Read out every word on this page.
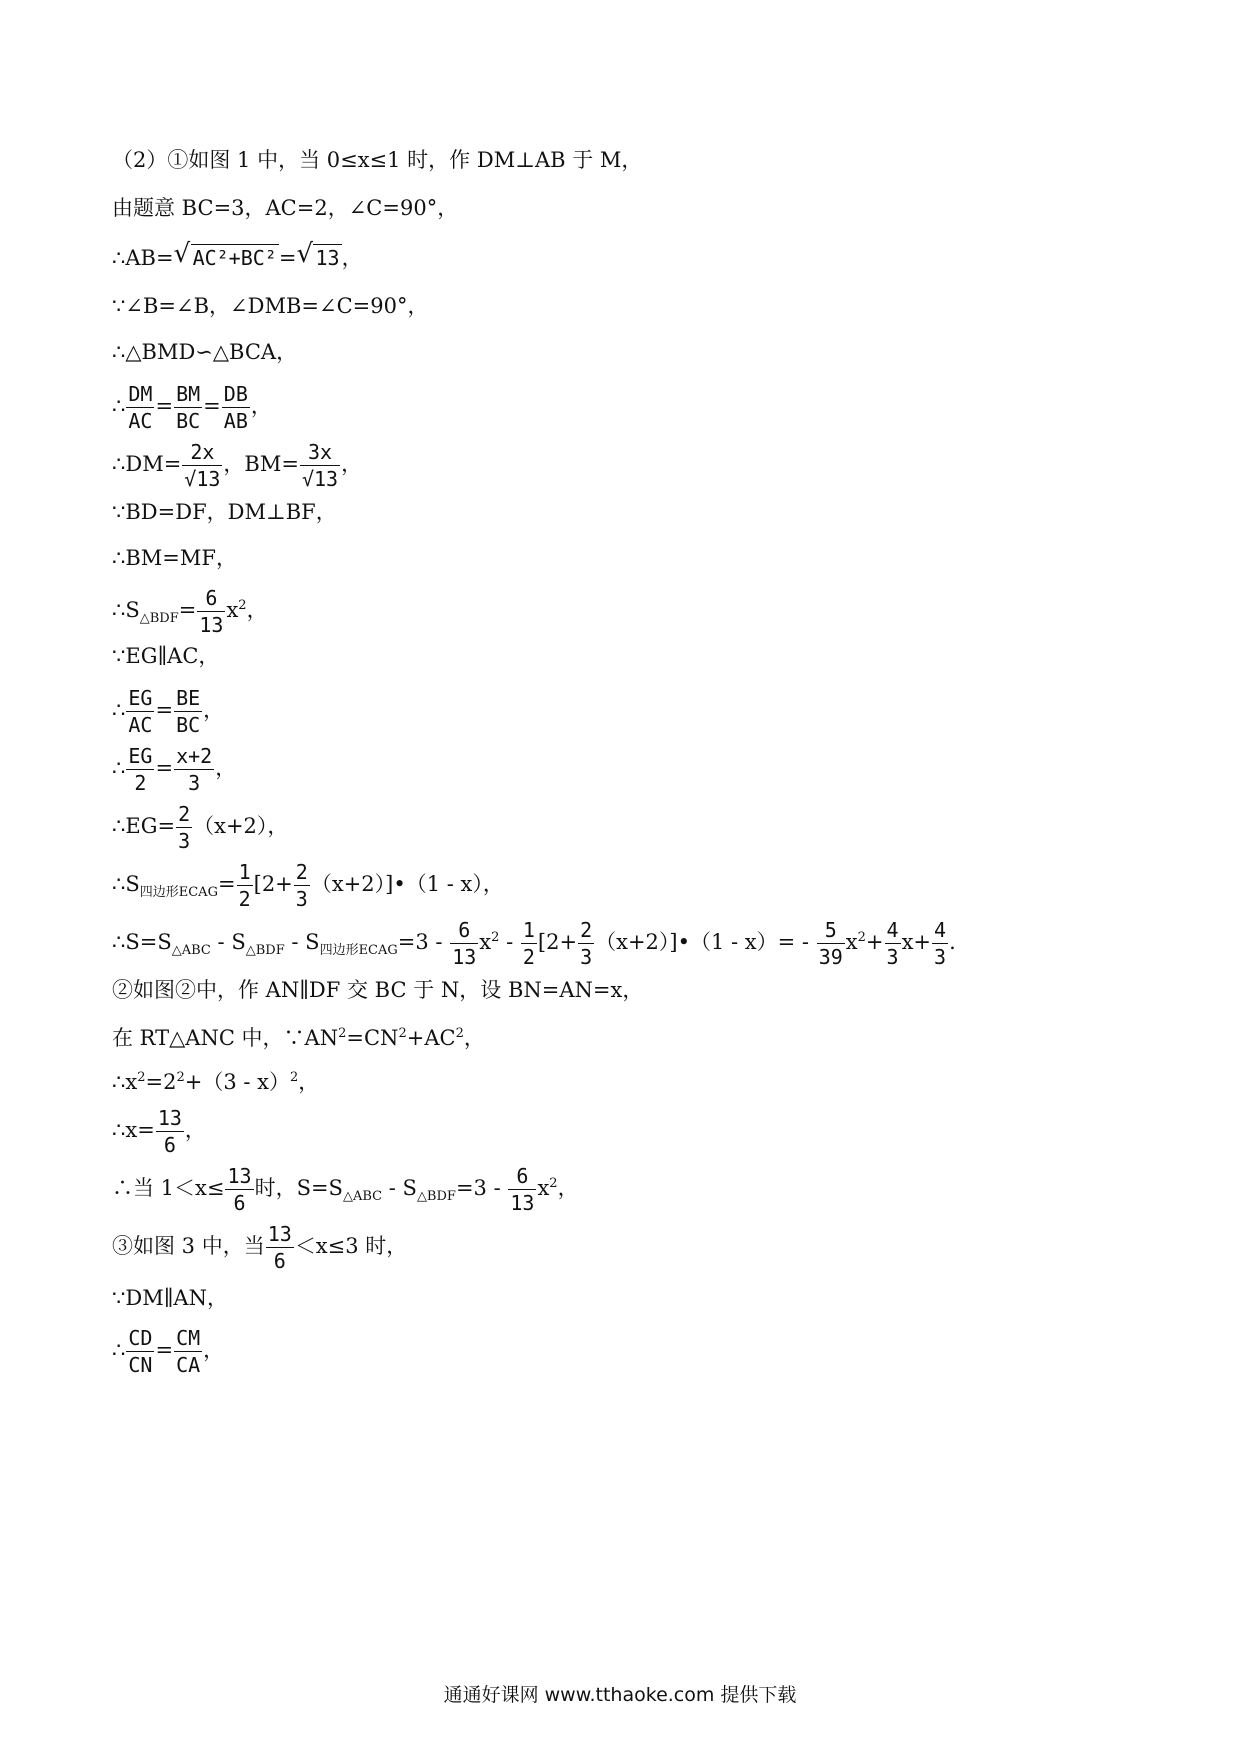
通通好课网 www.tthaoke.com 提供下载
（2）①如图 1 中，当 0≤x≤1 时，作 DM⊥AB 于 M，
由题意 BC=3，AC=2，∠C=90°，
∴AB= √ AC²+BC²= √ 13，
∵∠B=∠B，∠DMB=∠C=90°，
∴△BMD∽△BCA，
∴ $\frac{DM}{AC} = \frac{BM}{BC} = \frac{DB}{AB}$ ，
∴DM= $\frac{2x}{√13}$ ，$BM= \frac{3x}{√13}$ ，
∵BD=DF，DM⊥BF，
∴BM=MF，
$\therefore S_{\triangle BDF}= \frac{6}{13} x^2$，
∵EG∥AC，
∴ $\frac{EG}{AC} = \frac{BE}{BC}$ ，
∴ $\frac{EG}{2} = \frac{x+2}{3}$ ，
∴EG= $\frac{2}{3} (x+2)$，
$\therefore S_{四边形ECAG}= \frac{1}{2} [2+ \frac{2}{3}$ （x+2）]•（1 - x），
$\therefore S=S_{\triangle ABC} - S_{\triangle BDF} - S_{四边形ECAG}=3 - \frac{6}{13} x^2 - \frac{1}{2} [2+ \frac{2}{3}$ （x+2）]•（1 - $x)= - \frac{5}{39} x^2+ \frac{4}{3} x+ \frac{4}{3}$ .
②如图②中，作 AN∥DF 交 BC 于 N，设 BN=AN=x，
在 RT△ANC 中，$\because AN^2=CN^2+AC^2$，
$\therefore x^2=2^2+(3 - x)^2$，
∴x= $\frac{13}{6}$ ，
∴当 $1<x\le \frac{13}{6}$ 时，$S=S_{\triangle ABC} - S_{\triangle BDF}=3 - \frac{6}{13} x^2$，
③如图 3 中，当 $\frac{13}{6} <x\le 3$ 时，
∵DM∥AN，
∴ $\frac{CD}{CN} = \frac{CM}{CA}$ ，
